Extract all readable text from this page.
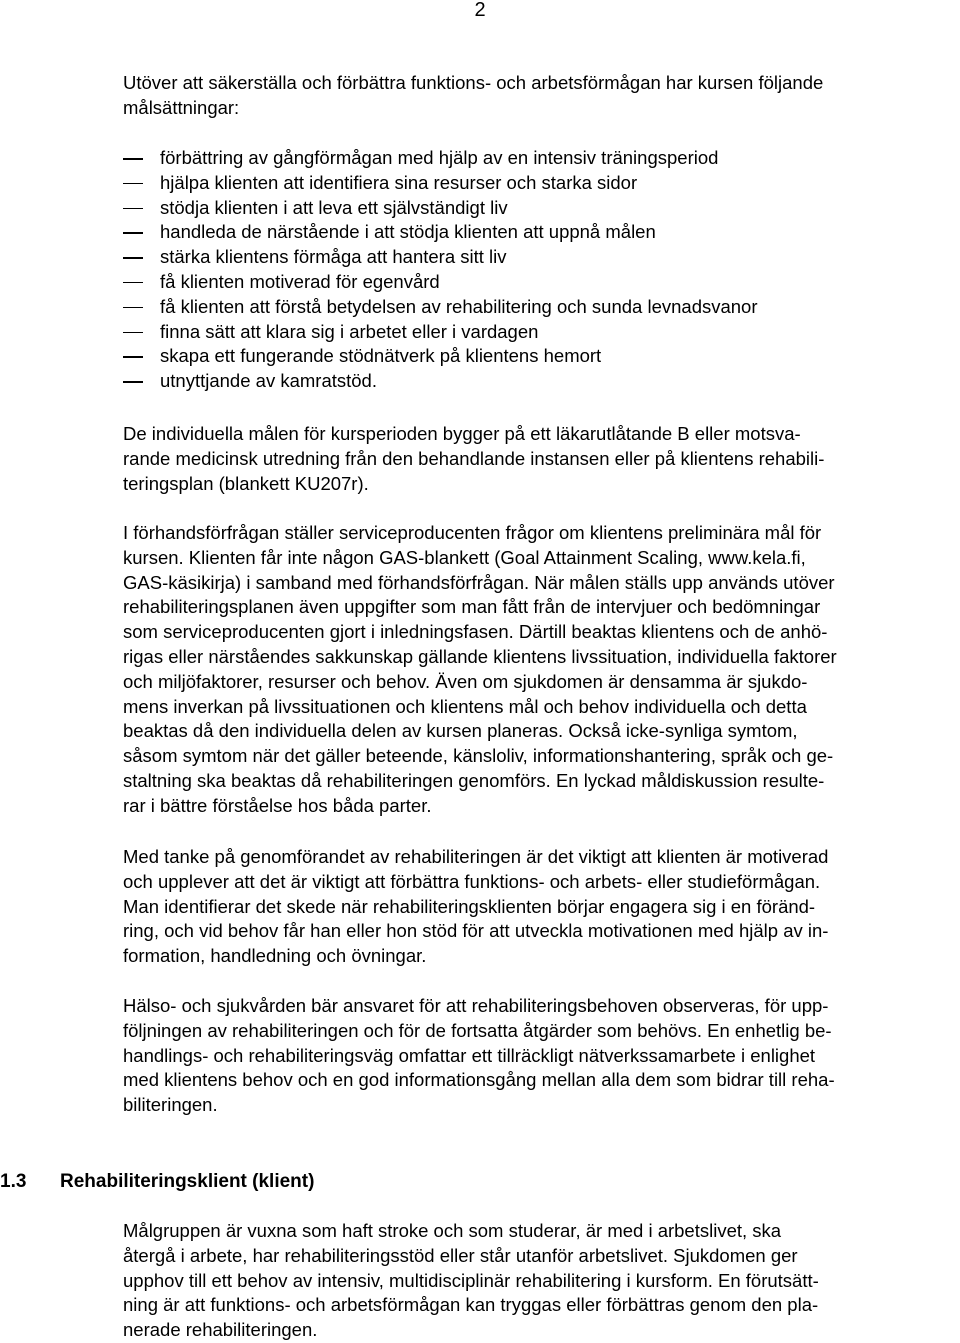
2
Utöver att säkerställa och förbättra funktions- och arbetsförmågan har kursen följande
målsättningar:
förbättring av gångförmågan med hjälp av en intensiv träningsperiod
hjälpa klienten att identifiera sina resurser och starka sidor
stödja klienten i att leva ett självständigt liv
handleda de närstående i att stödja klienten att uppnå målen
stärka klientens förmåga att hantera sitt liv
få klienten motiverad för egenvård
få klienten att förstå betydelsen av rehabilitering och sunda levnadsvanor
finna sätt att klara sig i arbetet eller i vardagen
skapa ett fungerande stödnätverk på klientens hemort
utnyttjande av kamratstöd.
De individuella målen för kursperioden bygger på ett läkarutlåtande B eller motsva-
rande medicinsk utredning från den behandlande instansen eller på klientens rehabili-
teringsplan (blankett KU207r).
I förhandsförfrågan ställer serviceproducenten frågor om klientens preliminära mål för
kursen. Klienten får inte någon GAS-blankett (Goal Attainment Scaling, www.kela.fi,
GAS-käsikirja) i samband med förhandsförfrågan. När målen ställs upp används utöver
rehabiliteringsplanen även uppgifter som man fått från de intervjuer och bedömningar
som serviceproducenten gjort i inledningsfasen. Därtill beaktas klientens och de anhö-
rigas eller närståendes sakkunskap gällande klientens livssituation, individuella faktorer
och miljöfaktorer, resurser och behov. Även om sjukdomen är densamma är sjukdo-
mens inverkan på livssituationen och klientens mål och behov individuella och detta
beaktas då den individuella delen av kursen planeras. Också icke-synliga symtom,
såsom symtom när det gäller beteende, känsloliv, informationshantering, språk och ge-
staltning ska beaktas då rehabiliteringen genomförs. En lyckad måldiskussion resulte-
rar i bättre förståelse hos båda parter.
Med tanke på genomförandet av rehabiliteringen är det viktigt att klienten är motiverad
och upplever att det är viktigt att förbättra funktions- och arbets- eller studieförmågan.
Man identifierar det skede när rehabiliteringsklienten börjar engagera sig i en föränd-
ring, och vid behov får han eller hon stöd för att utveckla motivationen med hjälp av in-
formation, handledning och övningar.
Hälso- och sjukvården bär ansvaret för att rehabiliteringsbehoven observeras, för upp-
följningen av rehabiliteringen och för de fortsatta åtgärder som behövs. En enhetlig be-
handlings- och rehabiliteringsväg omfattar ett tillräckligt nätverkssamarbete i enlighet
med klientens behov och en god informationsgång mellan alla dem som bidrar till reha-
biliteringen.
1.3 Rehabiliteringsklient (klient)
Målgruppen är vuxna som haft stroke och som studerar, är med i arbetslivet, ska
återgå i arbete, har rehabiliteringsstöd eller står utanför arbetslivet. Sjukdomen ger
upphov till ett behov av intensiv, multidisciplinär rehabilitering i kursform. En förutsätt-
ning är att funktions- och arbetsförmågan kan tryggas eller förbättras genom den pla-
nerade rehabiliteringen.
